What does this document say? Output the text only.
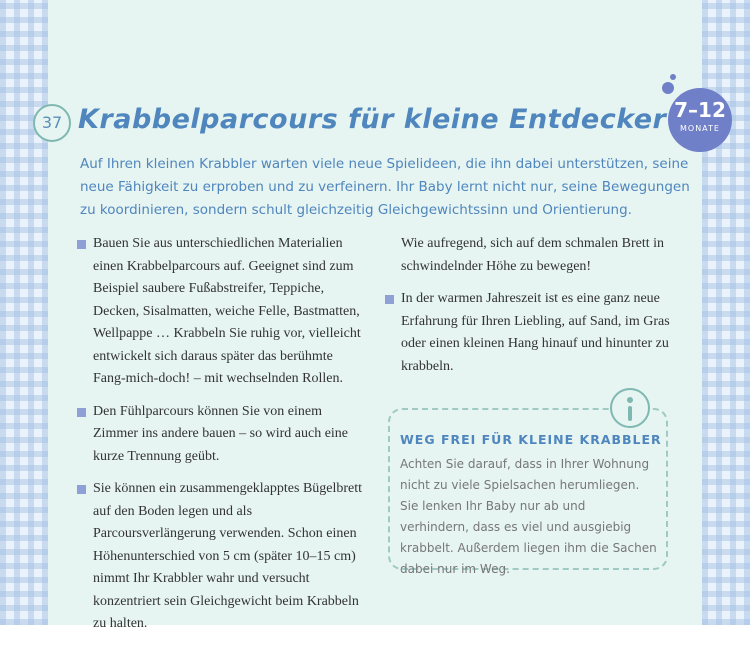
37 Krabbelparcours für kleine Entdecker 7–12
MONATE
Auf Ihren kleinen Krabbler warten viele neue Spielideen, die ihn dabei unterstützen, seine neue Fähigkeit zu erproben und zu verfeinern. Ihr Baby lernt nicht nur, seine Bewegungen zu koordinieren, sondern schult gleichzeitig Gleichgewichtssinn und Orientierung.
Bauen Sie aus unterschiedlichen Materialien einen Krabbelparcours auf. Geeignet sind zum Beispiel saubere Fußabstreifer, Teppiche, Decken, Sisalmatten, weiche Felle, Bastmatten, Wellpappe … Krabbeln Sie ruhig vor, vielleicht entwickelt sich daraus später das berühmte Fang-mich-doch! – mit wechselnden Rollen.
Den Fühlparcours können Sie von einem Zimmer ins andere bauen – so wird auch eine kurze Trennung geübt.
Sie können ein zusammengeklapptes Bügelbrett auf den Boden legen und als Parcoursverlängerung verwenden. Schon einen Höhenunterschied von 5 cm (später 10–15 cm) nimmt Ihr Krabbler wahr und versucht konzentriert sein Gleichgewicht beim Krabbeln zu halten.
Wie aufregend, sich auf dem schmalen Brett in schwindelnder Höhe zu bewegen!
In der warmen Jahreszeit ist es eine ganz neue Erfahrung für Ihren Liebling, auf Sand, im Gras oder einen kleinen Hang hinauf und hinunter zu krabbeln.
WEG FREI FÜR KLEINE KRABBLER
Achten Sie darauf, dass in Ihrer Wohnung nicht zu viele Spielsachen herumliegen. Sie lenken Ihr Baby nur ab und verhindern, dass es viel und ausgiebig krabbelt. Außerdem liegen ihm die Sachen dabei nur im Weg.
